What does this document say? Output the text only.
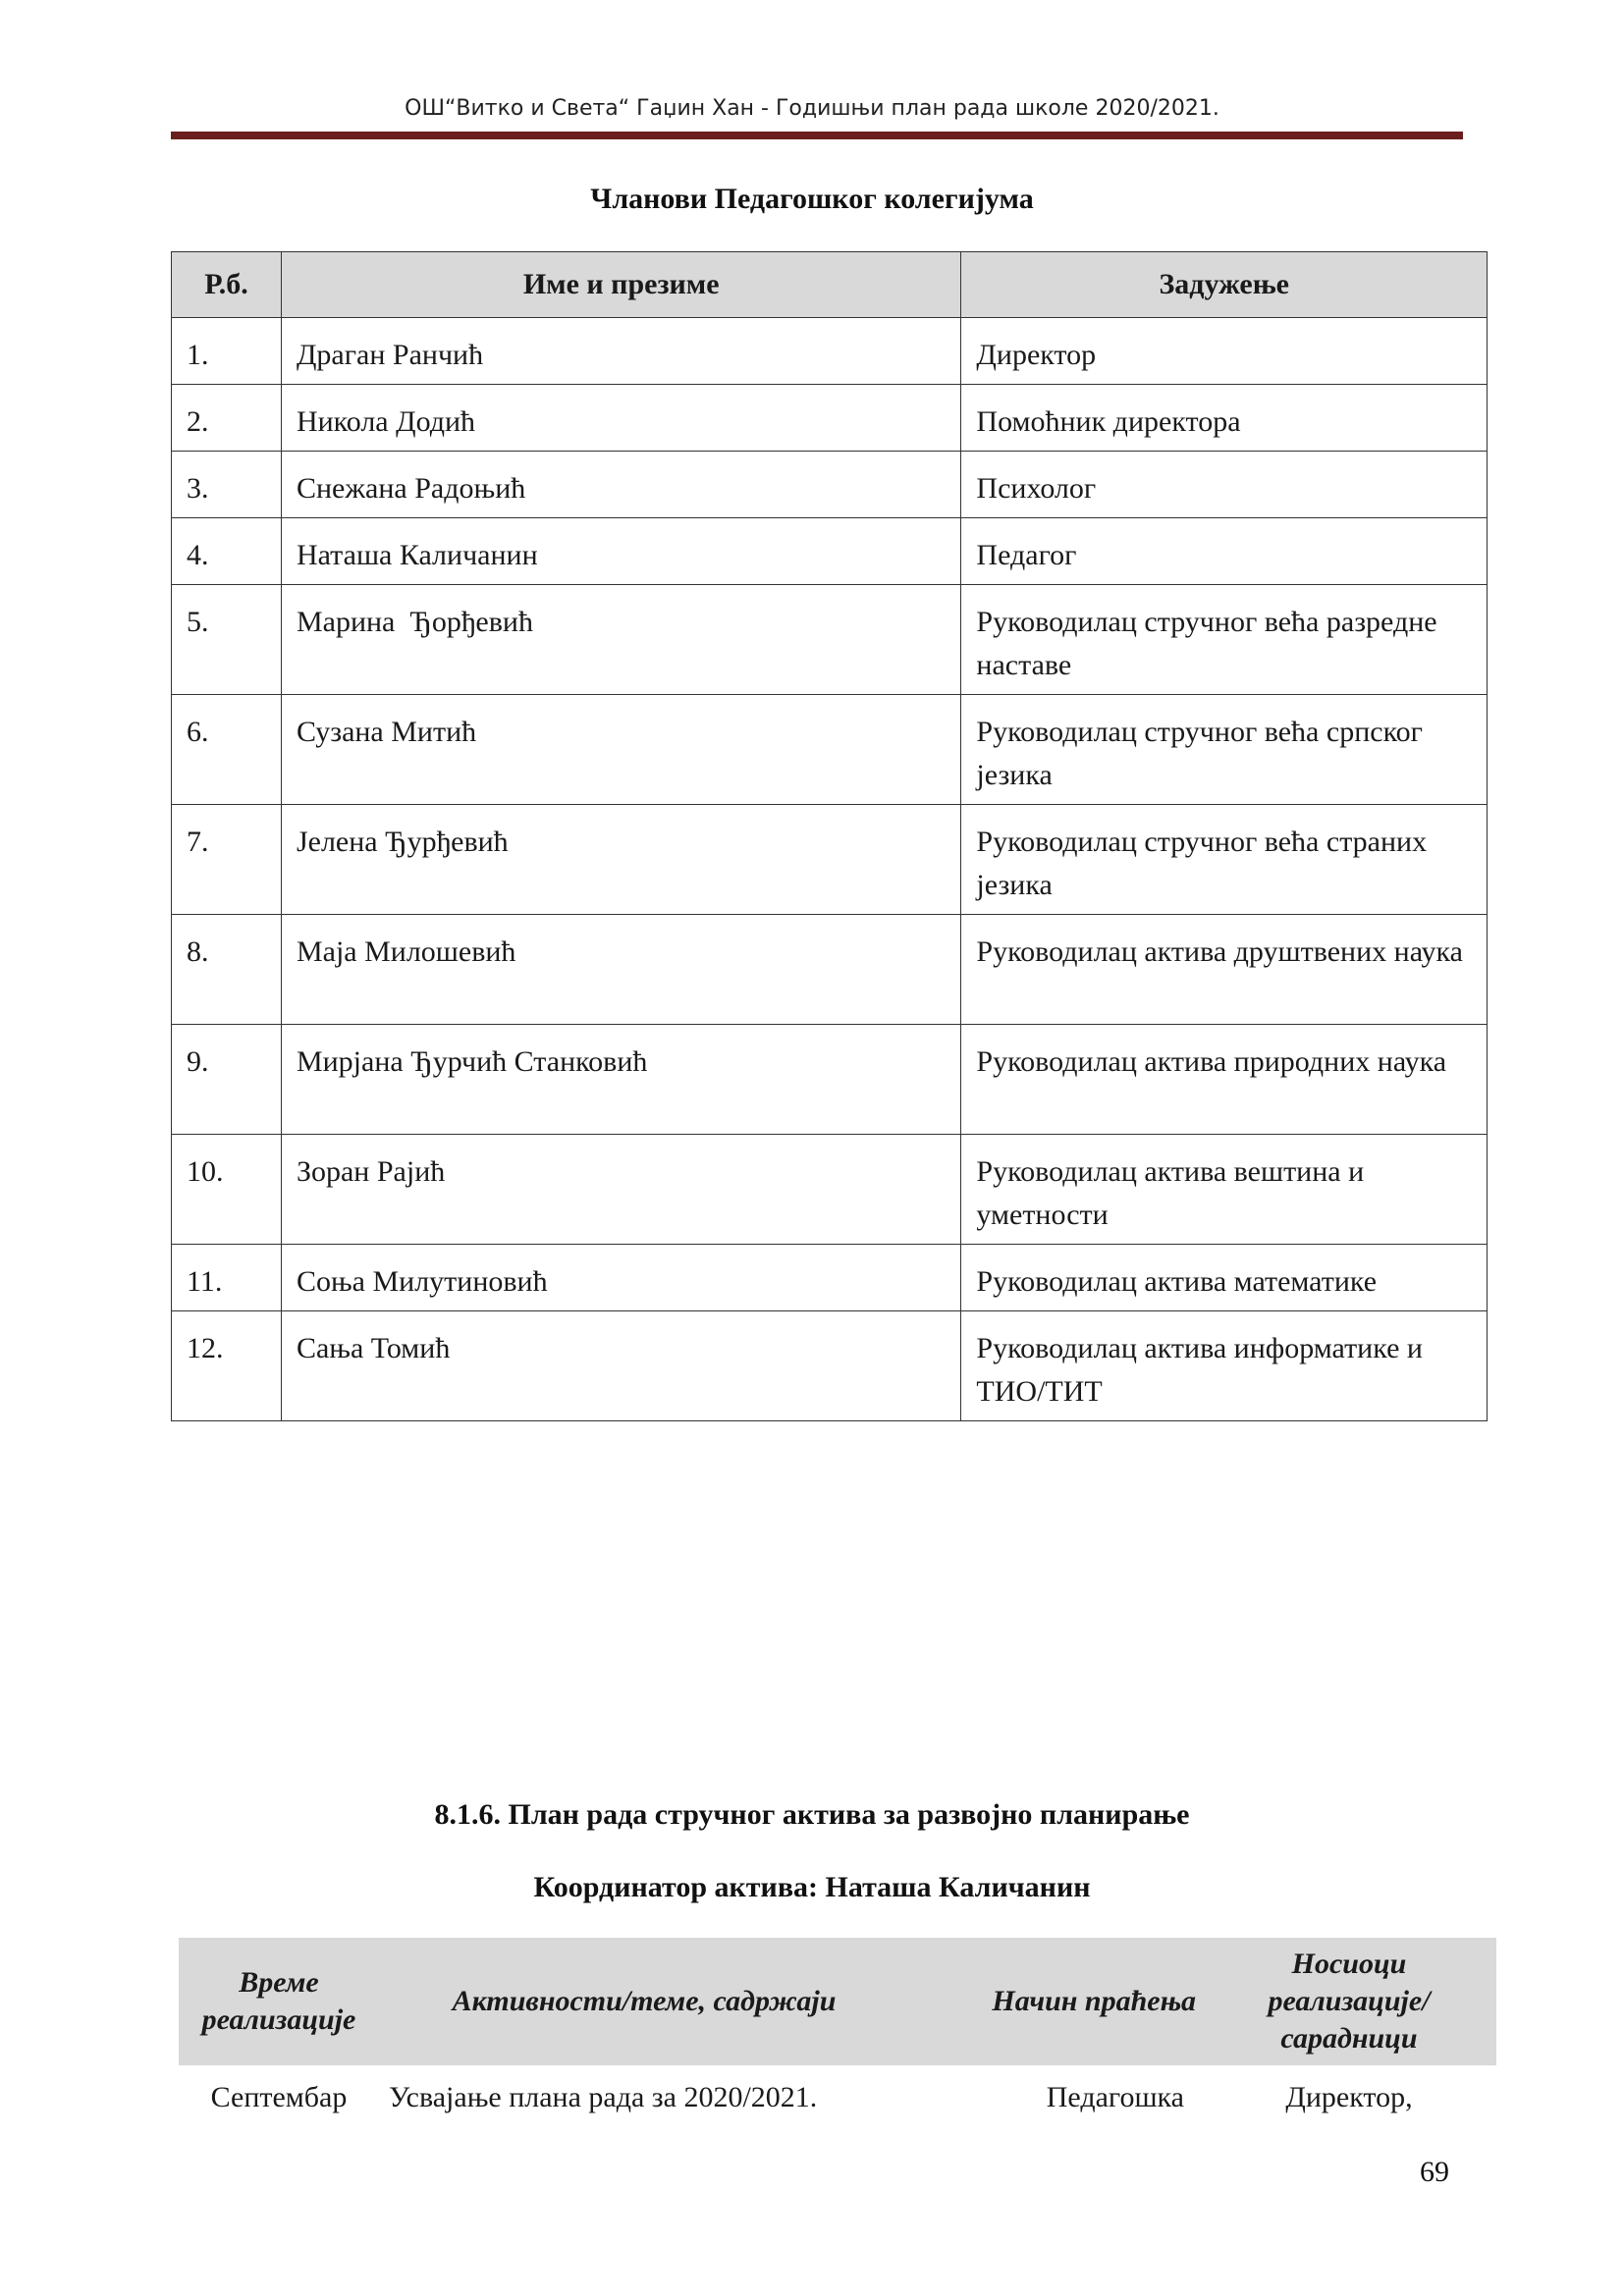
ОШ“Витко и Света“ Гаџин Хан - Годишњи план рада школе 2020/2021.
Чланови Педагошког колегијума
Р.б.	Име и презиме	Задужење
1.	Драган Ранчић	Директор
2.	Никола Додић	Помоћник директора
3.	Снежана Радоњић	Психолог
4.	Наташа Каличанин	Педагог
5.	Марина  Ђорђевић	Руководилац стручног већа разредне наставе
6.	Сузана Митић	Руководилац стручног већа српског језика
7.	Јелена Ђурђевић	Руководилац стручног већа страних језика
8.	Маја Милошевић	Руководилац актива друштвених наука
9.	Мирјана Ђурчић Станковић	Руководилац актива природних наука
10.	Зоран Рајић	Руководилац актива вештина и уметности
11.	Соња Милутиновић	Руководилац актива математике
12.	Сања Томић	Руководилац актива информатике и ТИО/ТИТ
8.1.6. План рада стручног актива за развојно планирање
Координатор актива: Наташа Каличанин
Време реализације	Активности/теме, садржаји	Начин праћења	Носиоци реализације/ сарадници
Септембар	Усвајање плана рада за 2020/2021.	Педагошка	Директор,
69
